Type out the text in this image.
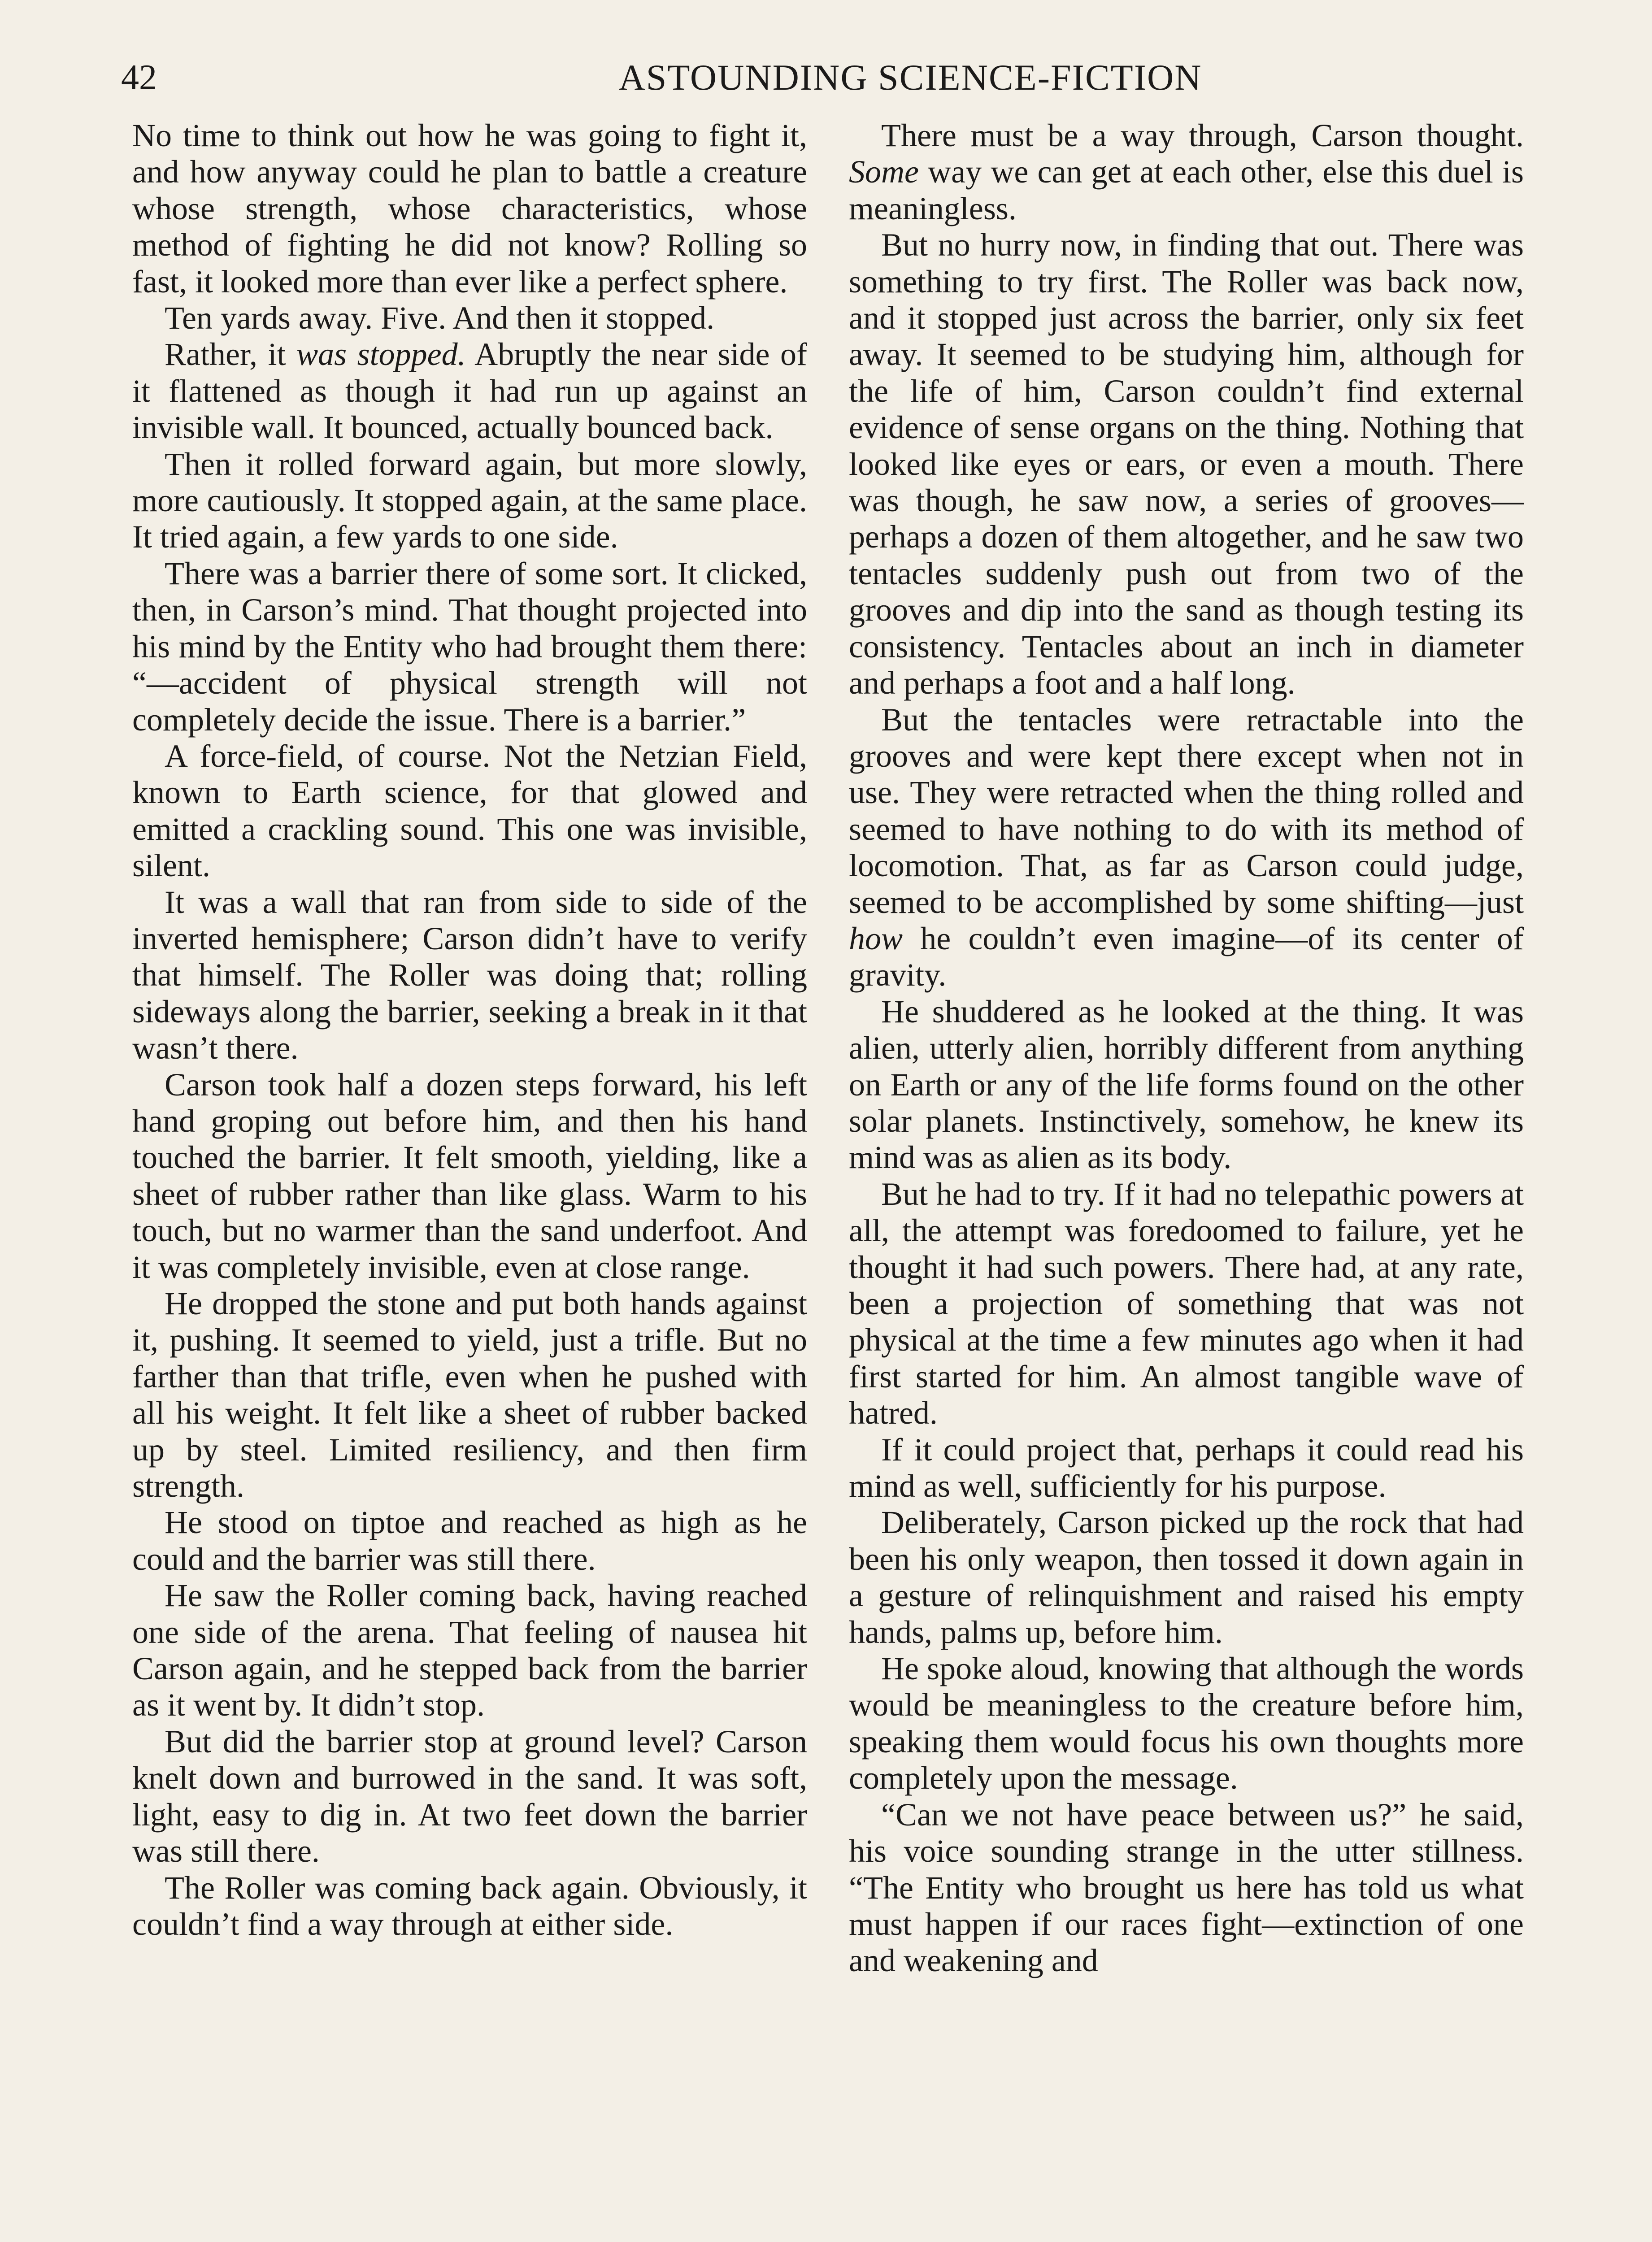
42	ASTOUNDING SCIENCE-FICTION

No time to think out how he was going to fight it, and how anyway could he plan to battle a creature whose strength, whose characteristics, whose method of fighting he did not know? Rolling so fast, it looked more than ever like a perfect sphere.

Ten yards away. Five. And then it stopped.

Rather, it was stopped. Abruptly the near side of it flattened as though it had run up against an invisible wall. It bounced, actually bounced back.

Then it rolled forward again, but more slowly, more cautiously. It stopped again, at the same place. It tried again, a few yards to one side.

There was a barrier there of some sort. It clicked, then, in Carson’s mind. That thought projected into his mind by the Entity who had brought them there: “—accident of physical strength will not completely decide the issue. There is a barrier.”

A force-field, of course. Not the Netzian Field, known to Earth science, for that glowed and emitted a crackling sound. This one was invisible, silent.

It was a wall that ran from side to side of the inverted hemisphere; Carson didn’t have to verify that himself. The Roller was doing that; rolling sideways along the barrier, seeking a break in it that wasn’t there.

Carson took half a dozen steps forward, his left hand groping out before him, and then his hand touched the barrier. It felt smooth, yielding, like a sheet of rubber rather than like glass. Warm to his touch, but no warmer than the sand underfoot. And it was completely invisible, even at close range.

He dropped the stone and put both hands against it, pushing. It seemed to yield, just a trifle. But no farther than that trifle, even when he pushed with all his weight. It felt like a sheet of rubber backed up by steel. Limited resiliency, and then firm strength.

He stood on tiptoe and reached as high as he could and the barrier was still there.

He saw the Roller coming back, having reached one side of the arena. That feeling of nausea hit Carson again, and he stepped back from the barrier as it went by. It didn’t stop.

But did the barrier stop at ground level? Carson knelt down and burrowed in the sand. It was soft, light, easy to dig in. At two feet down the barrier was still there.

The Roller was coming back again. Obviously, it couldn’t find a way through at either side.

There must be a way through, Carson thought. Some way we can get at each other, else this duel is meaningless.

But no hurry now, in finding that out. There was something to try first. The Roller was back now, and it stopped just across the barrier, only six feet away. It seemed to be studying him, although for the life of him, Carson couldn’t find external evidence of sense organs on the thing. Nothing that looked like eyes or ears, or even a mouth. There was though, he saw now, a series of grooves—perhaps a dozen of them altogether, and he saw two tentacles suddenly push out from two of the grooves and dip into the sand as though testing its consistency. Tentacles about an inch in diameter and perhaps a foot and a half long.

But the tentacles were retractable into the grooves and were kept there except when not in use. They were retracted when the thing rolled and seemed to have nothing to do with its method of locomotion. That, as far as Carson could judge, seemed to be accomplished by some shifting—just how he couldn’t even imagine—of its center of gravity.

He shuddered as he looked at the thing. It was alien, utterly alien, horribly different from anything on Earth or any of the life forms found on the other solar planets. Instinctively, somehow, he knew its mind was as alien as its body.

But he had to try. If it had no telepathic powers at all, the attempt was foredoomed to failure, yet he thought it had such powers. There had, at any rate, been a projection of something that was not physical at the time a few minutes ago when it had first started for him. An almost tangible wave of hatred.

If it could project that, perhaps it could read his mind as well, sufficiently for his purpose.

Deliberately, Carson picked up the rock that had been his only weapon, then tossed it down again in a gesture of relinquishment and raised his empty hands, palms up, before him.

He spoke aloud, knowing that although the words would be meaningless to the creature before him, speaking them would focus his own thoughts more completely upon the message.

“Can we not have peace between us?” he said, his voice sounding strange in the utter stillness. “The Entity who brought us here has told us what must happen if our races fight—extinction of one and weakening and
